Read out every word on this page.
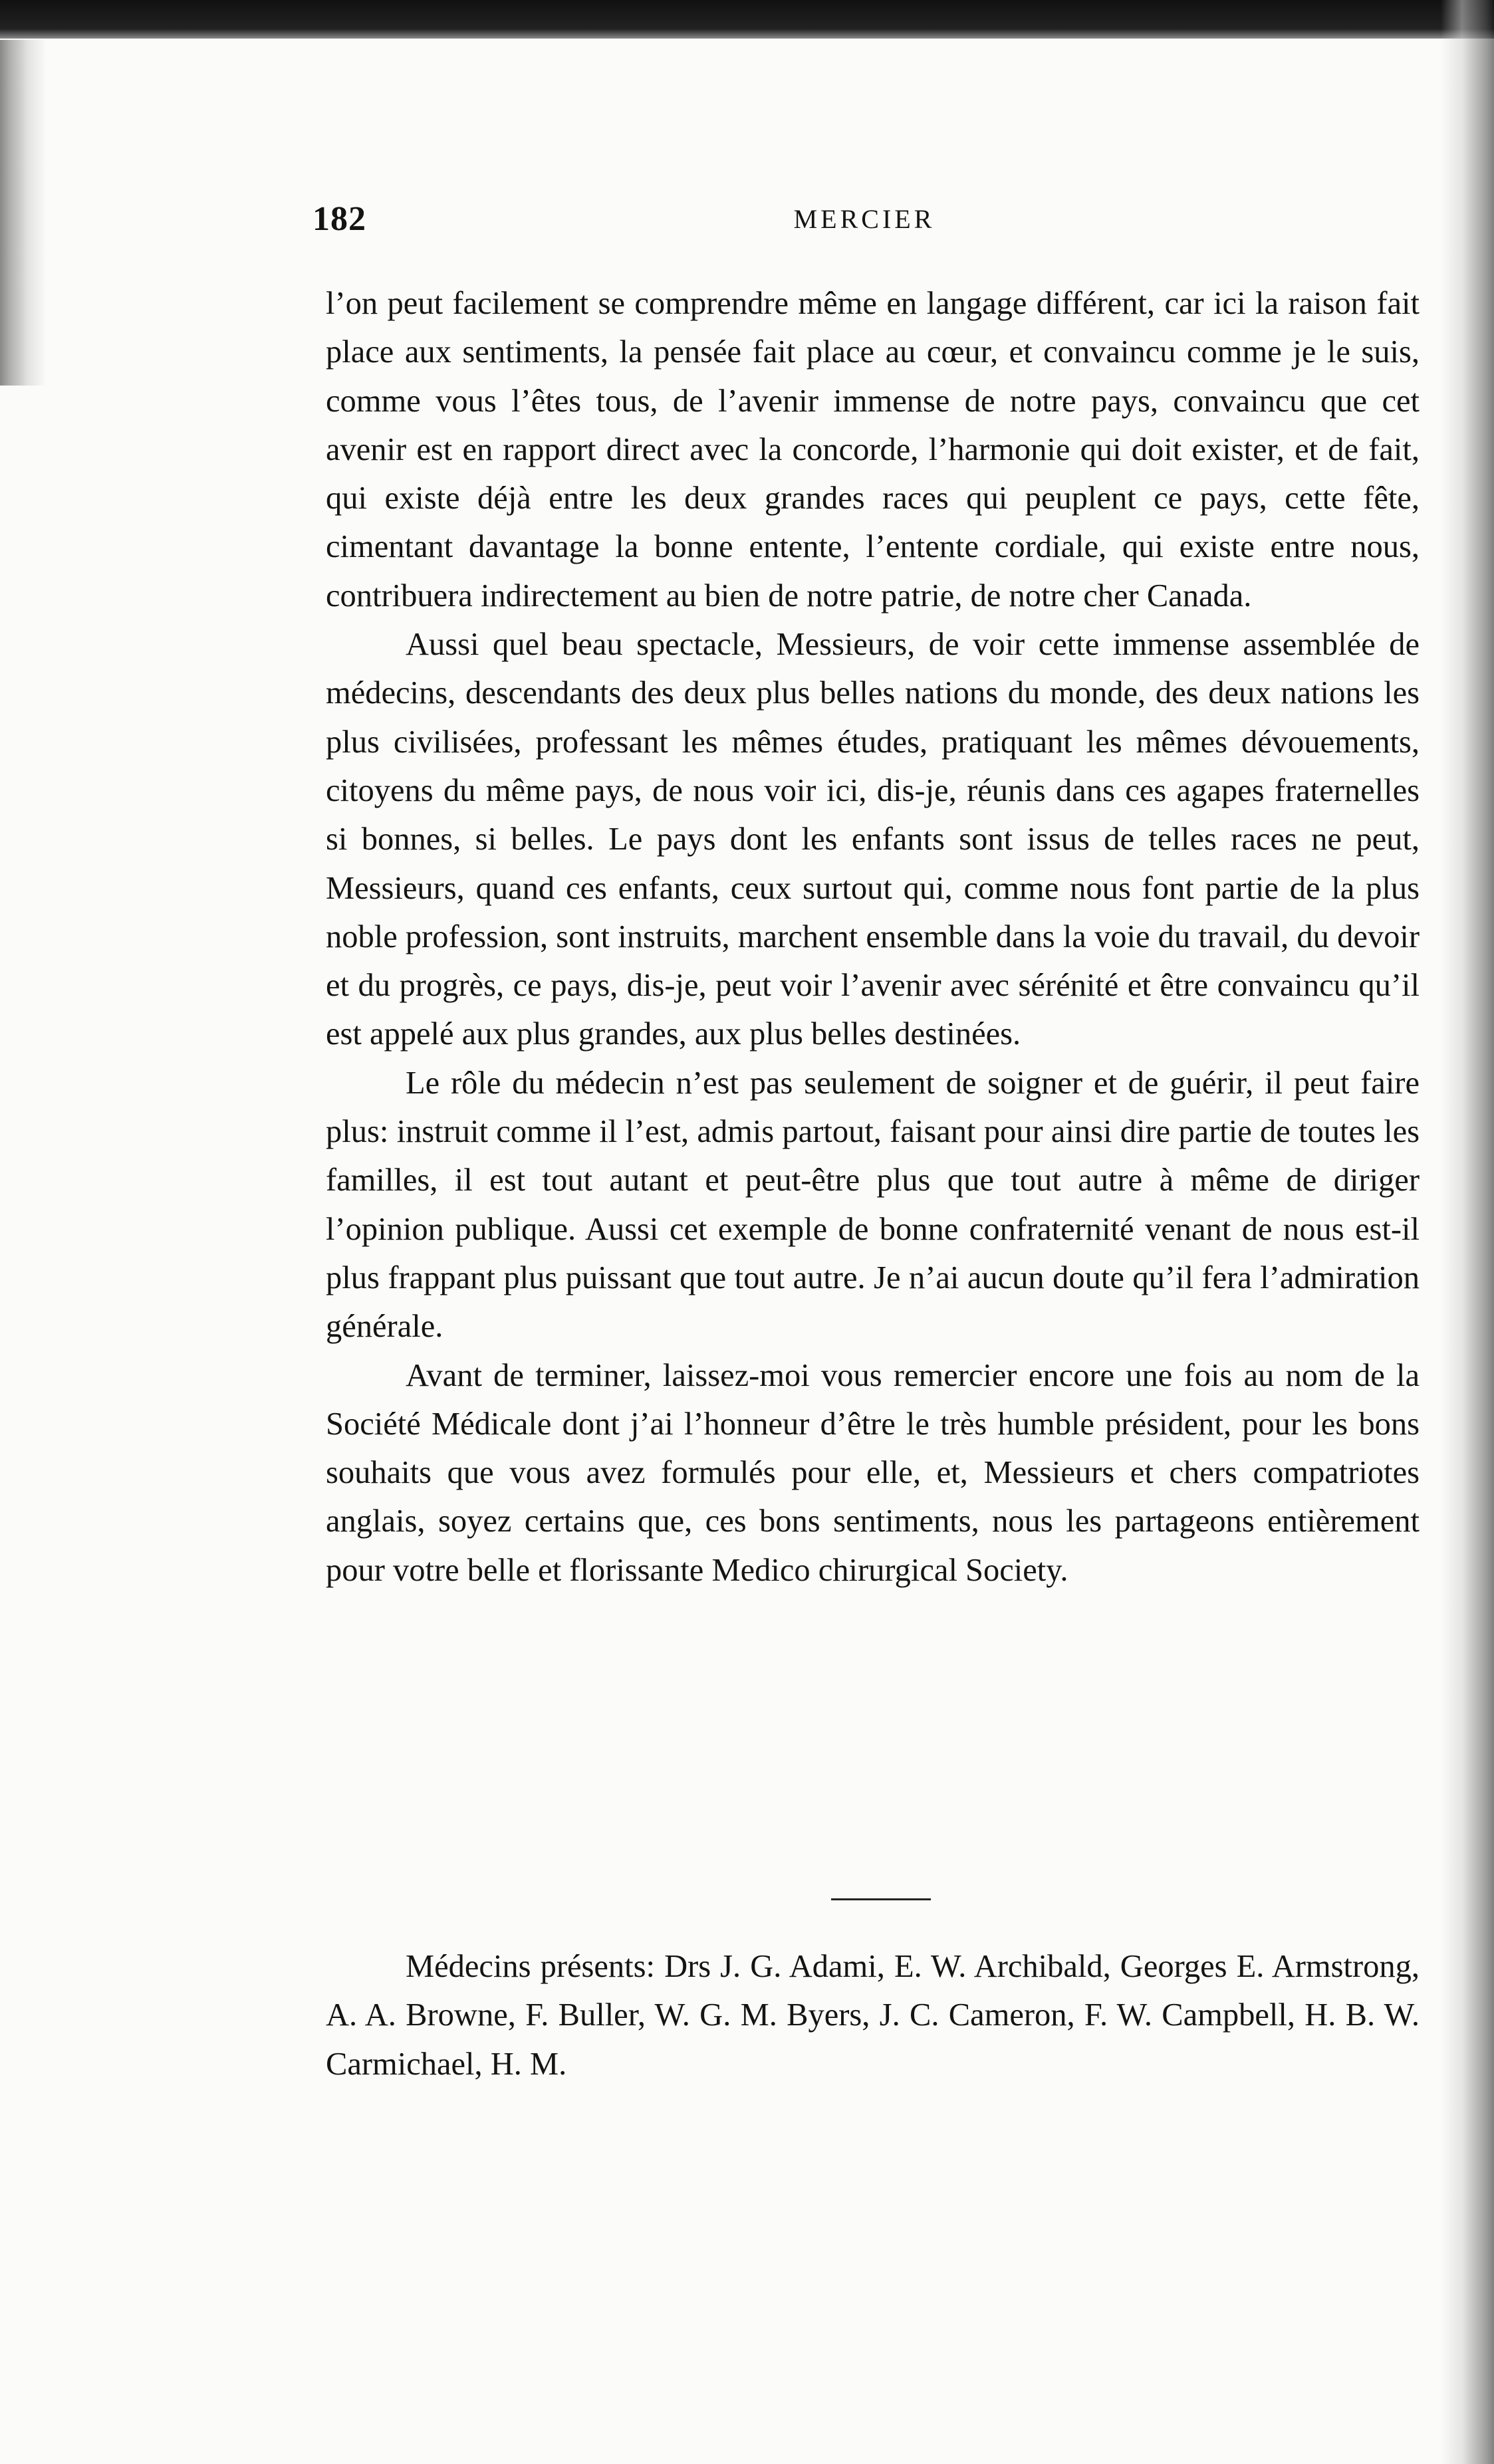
182	MERCIER

l’on peut facilement se comprendre même en langage différent, car ici la raison fait place aux sentiments, la pensée fait place au cœur, et convaincu comme je le suis, comme vous l’êtes tous, de l’avenir immense de notre pays, convaincu que cet avenir est en rapport direct avec la concorde, l’harmonie qui doit exister, et de fait, qui existe déjà entre les deux grandes races qui peuplent ce pays, cette fête, cimentant davantage la bonne entente, l’entente cordiale, qui existe entre nous, contribuera indirectement au bien de notre patrie, de notre cher Canada.

Aussi quel beau spectacle, Messieurs, de voir cette immense assemblée de médecins, descendants des deux plus belles nations du monde, des deux nations les plus civilisées, professant les mêmes études, pratiquant les mêmes dévouements, citoyens du même pays, de nous voir ici, dis-je, réunis dans ces agapes fraternelles si bonnes, si belles. Le pays dont les enfants sont issus de telles races ne peut, Messieurs, quand ces enfants, ceux surtout qui, comme nous font partie de la plus noble profession, sont instruits, marchent ensemble dans la voie du travail, du devoir et du progrès, ce pays, dis-je, peut voir l’avenir avec sérénité et être convaincu qu’il est appelé aux plus grandes, aux plus belles destinées.

Le rôle du médecin n’est pas seulement de soigner et de guérir, il peut faire plus: instruit comme il l’est, admis partout, faisant pour ainsi dire partie de toutes les familles, il est tout autant et peut-être plus que tout autre à même de diriger l’opinion publique. Aussi cet exemple de bonne confraternité venant de nous est-il plus frappant plus puissant que tout autre. Je n’ai aucun doute qu’il fera l’admiration générale.

Avant de terminer, laissez-moi vous remercier encore une fois au nom de la Société Médicale dont j’ai l’honneur d’être le très humble président, pour les bons souhaits que vous avez formulés pour elle, et, Messieurs et chers compatriotes anglais, soyez certains que, ces bons sentiments, nous les partageons entièrement pour votre belle et florissante Medico chirurgical Society.

Médecins présents: Drs J. G. Adami, E. W. Archibald, Georges E. Armstrong, A. A. Browne, F. Buller, W. G. M. Byers, J. C. Cameron, F. W. Campbell, H. B. W. Carmichael, H. M.
